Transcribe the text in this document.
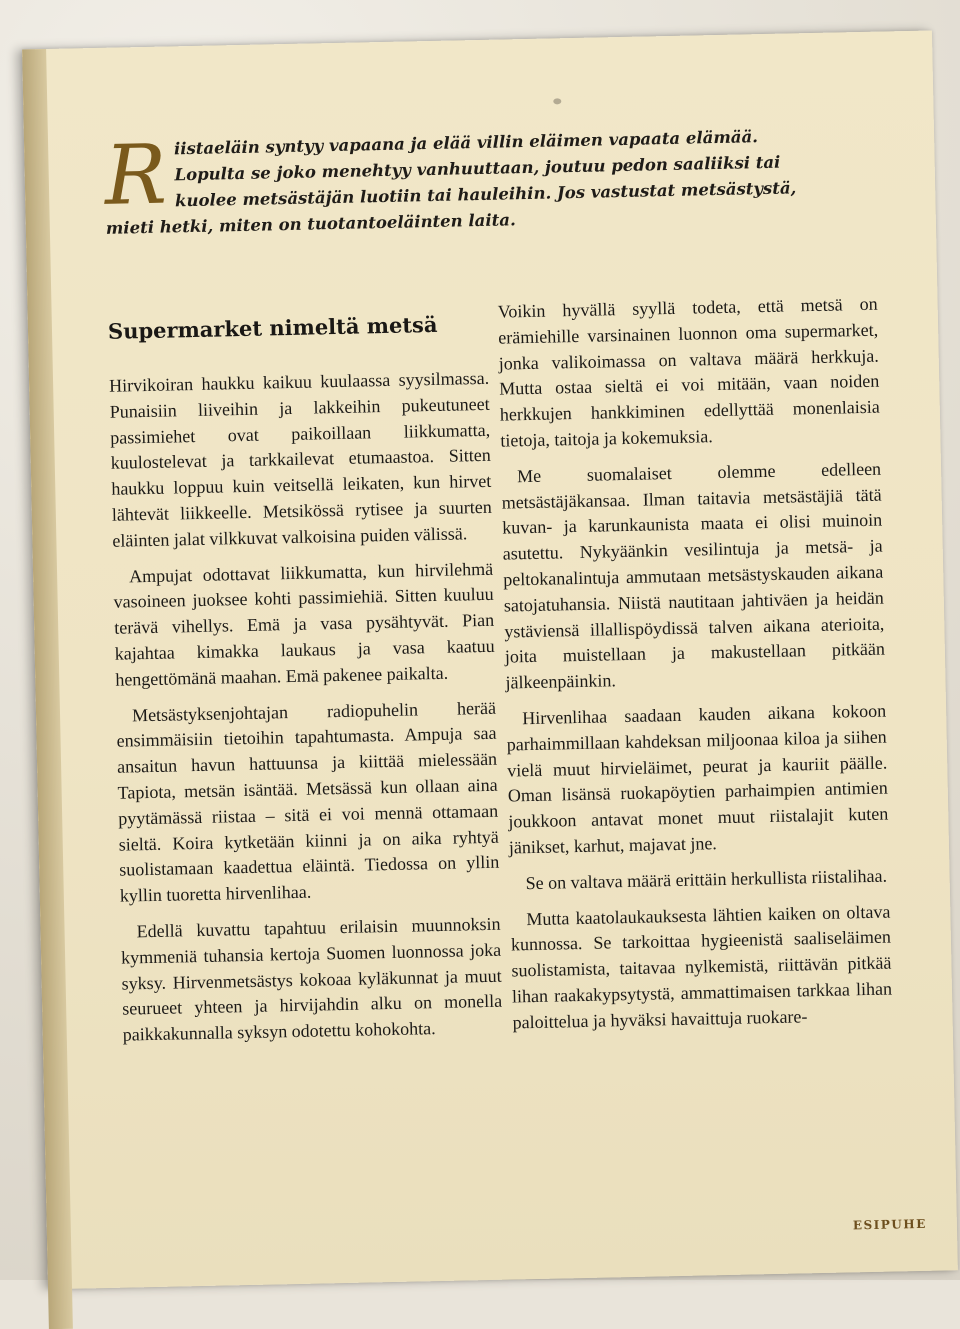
Riistaeläin syntyy vapaana ja elää villin eläimen vapaata elämää. Lopulta se joko menehtyy vanhuuttaan, joutuu pedon saaliiksi tai kuolee metsästäjän luotiin tai hauleihin. Jos vastustat metsästystä, mieti hetki, miten on tuotantoeläinten laita.
Supermarket nimeltä metsä

Hirvikoiran haukku kaikuu kuulaassa syysilmassa. Punaisiin liiveihin ja lakkeihin pukeutuneet passimiehet ovat paikoillaan liikkumatta, kuulostelevat ja tarkkailevat etumaastoa. Sitten haukku loppuu kuin veitsellä leikaten, kun hirvet lähtevät liikkeelle. Metsikössä rytisee ja suurten eläinten jalat vilkkuvat valkoisina puiden välissä.

Ampujat odottavat liikkumatta, kun hirvilehmä vasoineen juoksee kohti passimiehiä. Sitten kuuluu terävä vihellys. Emä ja vasa pysähtyvät. Pian kajahtaa kimakka laukaus ja vasa kaatuu hengettömänä maahan. Emä pakenee paikalta.

Metsästyksenjohtajan radiopuhelin herää ensimmäisiin tietoihin tapahtumasta. Ampuja saa ansaitun havun hattuunsa ja kiittää mielessään Tapiota, metsän isäntää. Metsässä kun ollaan aina pyytämässä riistaa – sitä ei voi mennä ottamaan sieltä. Koira kytketään kiinni ja on aika ryhtyä suolistamaan kaadettua eläintä. Tiedossa on yllin kyllin tuoretta hirvenlihaa.

Edellä kuvattu tapahtuu erilaisin muunnoksin kymmeniä tuhansia kertoja Suomen luonnossa joka syksy. Hirvenmetsästys kokoaa kyläkunnat ja muut seurueet yhteen ja hirvijahdin alku on monella paikkakunnalla syksyn odotettu kohokohta.

Voikin hyvällä syyllä todeta, että metsä on erämiehille varsinainen luonnon oma supermarket, jonka valikoimassa on valtava määrä herkkuja. Mutta ostaa sieltä ei voi mitään, vaan noiden herkkujen hankkiminen edellyttää monenlaisia tietoja, taitoja ja kokemuksia.

Me suomalaiset olemme edelleen metsästäjäkansaa. Ilman taitavia metsästäjiä tätä kuvan- ja karunkaunista maata ei olisi muinoin asutettu. Nykyäänkin vesilintuja ja metsä- ja peltokanalintuja ammutaan metsästyskauden aikana satojatuhansia. Niistä nautitaan jahtiväen ja heidän ystäviensä illallispöydissä talven aikana aterioita, joita muistellaan ja makustellaan pitkään jälkeenpäinkin.

Hirvenlihaa saadaan kauden aikana kokoon parhaimmillaan kahdeksan miljoonaa kiloa ja siihen vielä muut hirvieläimet, peurat ja kauriit päälle. Oman lisänsä ruokapöytien parhaimpien antimien joukkoon antavat monet muut riistalajit kuten jänikset, karhut, majavat jne.

Se on valtava määrä erittäin herkullista riistalihaa.

Mutta kaatolaukauksesta lähtien kaiken on oltava kunnossa. Se tarkoittaa hygieenistä saaliseläimen suolistamista, taitavaa nylkemistä, riittävän pitkää lihan raakakypsytystä, ammattimaisen tarkkaa lihan paloittelua ja hyväksi havaittuja ruokare-

ESIPUHE
